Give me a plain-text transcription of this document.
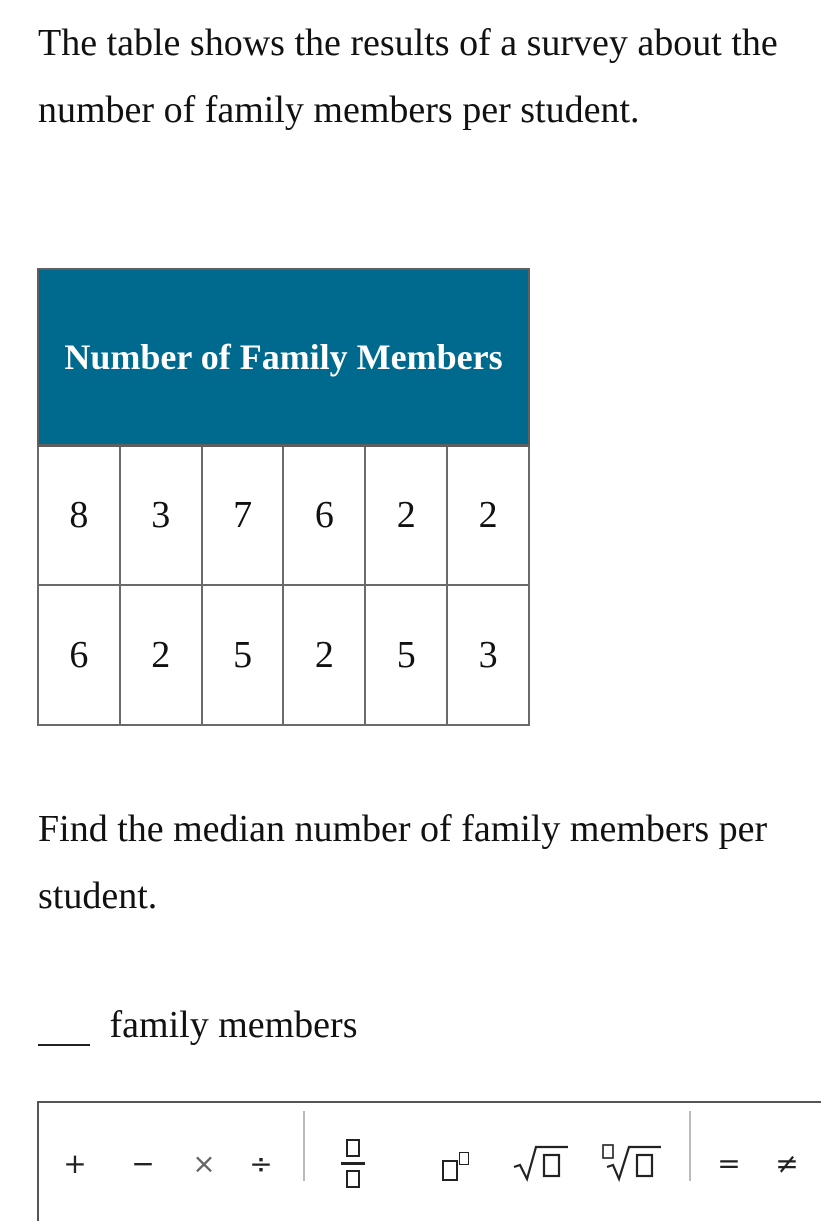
The table shows the results of a survey about the number of family members per student.
Number of Family Members					
8	3	7	6	2	2
6	2	5	2	5	3
Find the median number of family members per student.
family members
+	−	×	÷	=	≠
